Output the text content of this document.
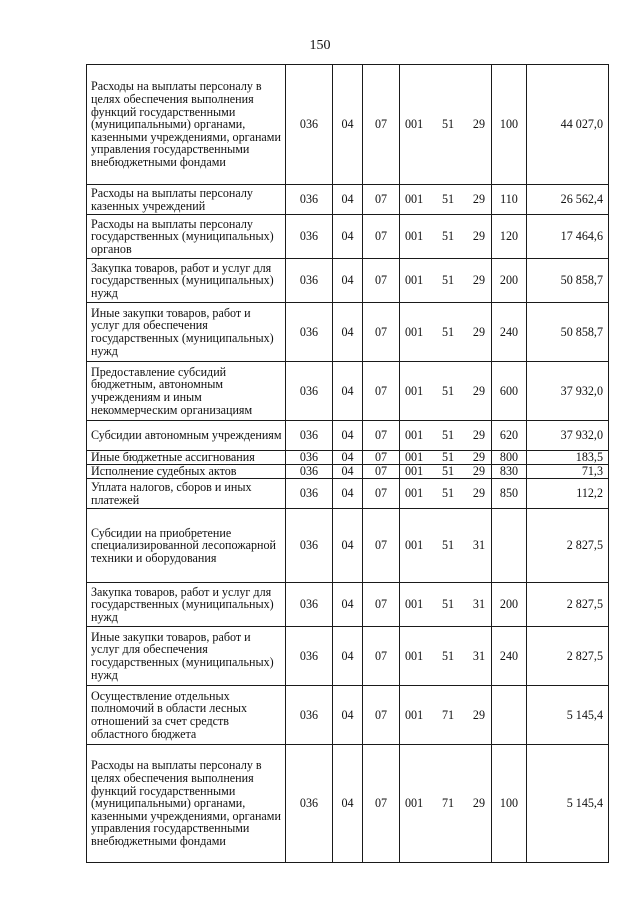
150
Расходы на выплаты персоналу в целях обеспечения выполнения функций государственными (муниципальными) органами, казенными учреждениями, органами управления государственными внебюджетными фондами	036	04	07	001 51 29	100	44 027,0
Расходы на выплаты персоналу казенных учреждений	036	04	07	001 51 29	110	26 562,4
Расходы на выплаты персоналу государственных (муниципальных) органов	036	04	07	001 51 29	120	17 464,6
Закупка товаров, работ и услуг для государственных (муниципальных) нужд	036	04	07	001 51 29	200	50 858,7
Иные закупки товаров, работ и услуг для обеспечения государственных (муниципальных) нужд	036	04	07	001 51 29	240	50 858,7
Предоставление субсидий бюджетным, автономным учреждениям и иным некоммерческим организациям	036	04	07	001 51 29	600	37 932,0
Субсидии автономным учреждениям	036	04	07	001 51 29	620	37 932,0
Иные бюджетные ассигнования	036	04	07	001 51 29	800	183,5
Исполнение судебных актов	036	04	07	001 51 29	830	71,3
Уплата налогов, сборов и иных платежей	036	04	07	001 51 29	850	112,2
Субсидии на приобретение специализированной лесопожарной техники и оборудования	036	04	07	001 51 31		2 827,5
Закупка товаров, работ и услуг для государственных (муниципальных) нужд	036	04	07	001 51 31	200	2 827,5
Иные закупки товаров, работ и услуг для обеспечения государственных (муниципальных) нужд	036	04	07	001 51 31	240	2 827,5
Осуществление отдельных полномочий в области лесных отношений за счет средств областного бюджета	036	04	07	001 71 29		5 145,4
Расходы на выплаты персоналу в целях обеспечения выполнения функций государственными (муниципальными) органами, казенными учреждениями, органами управления государственными внебюджетными фондами	036	04	07	001 71 29	100	5 145,4
